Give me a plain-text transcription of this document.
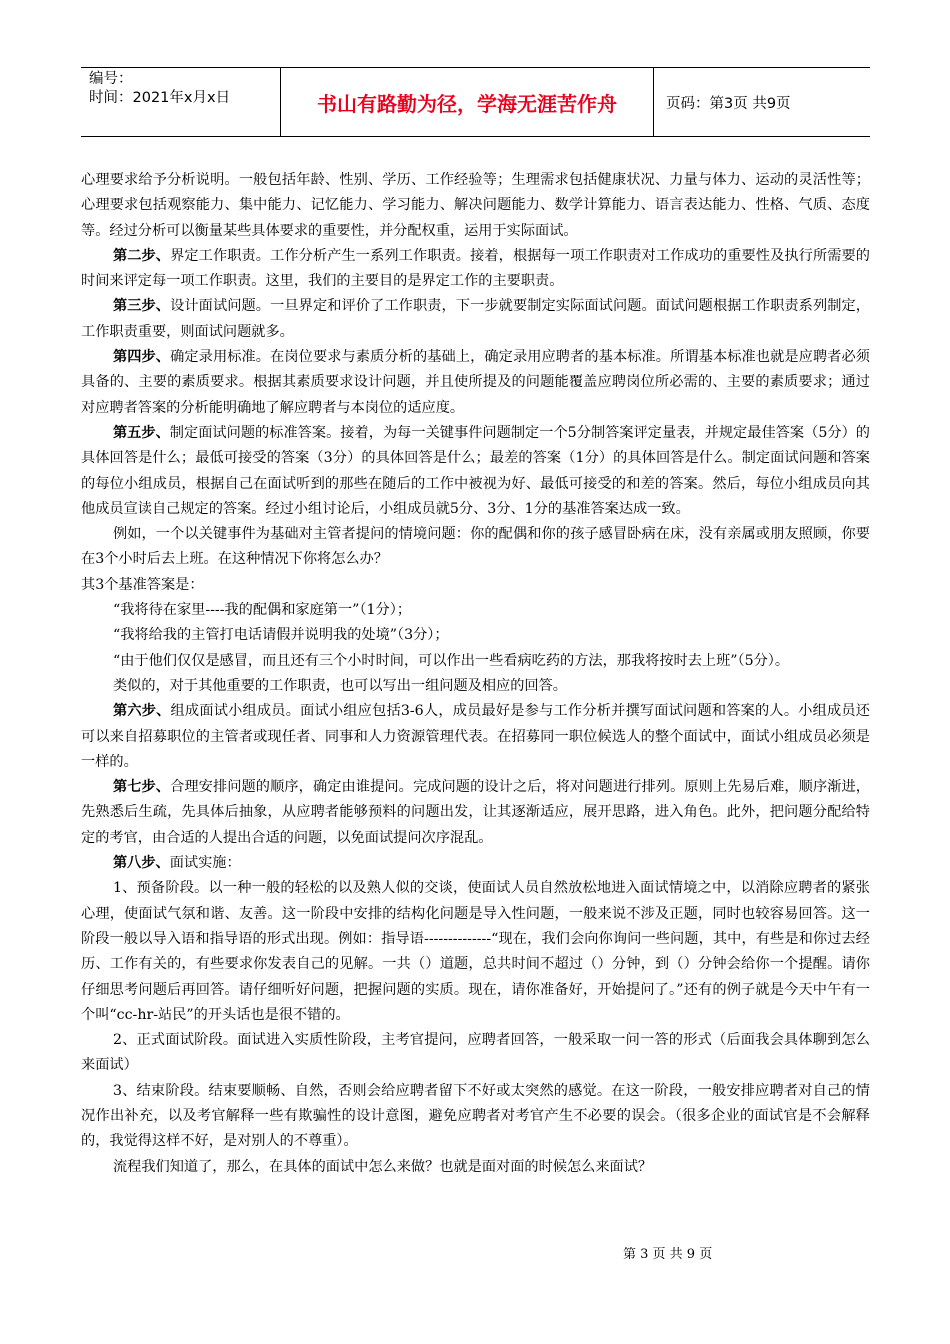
编号：
时间：2021年x月x日	书山有路勤为径，学海无涯苦作舟	页码：第3页 共9页

心理要求给予分析说明。一般包括年龄、性别、学历、工作经验等；生理需求包括健康状况、力量与体力、运动的灵活性等；心理要求包括观察能力、集中能力、记忆能力、学习能力、解决问题能力、数学计算能力、语言表达能力、性格、气质、态度等。经过分析可以衡量某些具体要求的重要性，并分配权重，运用于实际面试。

第二步、界定工作职责。工作分析产生一系列工作职责。接着，根据每一项工作职责对工作成功的重要性及执行所需要的时间来评定每一项工作职责。这里，我们的主要目的是界定工作的主要职责。

第三步、设计面试问题。一旦界定和评价了工作职责，下一步就要制定实际面试问题。面试问题根据工作职责系列制定，工作职责重要，则面试问题就多。

第四步、确定录用标准。在岗位要求与素质分析的基础上，确定录用应聘者的基本标准。所谓基本标准也就是应聘者必须具备的、主要的素质要求。根据其素质要求设计问题，并且使所提及的问题能覆盖应聘岗位所必需的、主要的素质要求；通过对应聘者答案的分析能明确地了解应聘者与本岗位的适应度。

第五步、制定面试问题的标准答案。接着，为每一关键事件问题制定一个5分制答案评定量表，并规定最佳答案（5分）的具体回答是什么；最低可接受的答案（3分）的具体回答是什么；最差的答案（1分）的具体回答是什么。制定面试问题和答案的每位小组成员，根据自己在面试听到的那些在随后的工作中被视为好、最低可接受的和差的答案。然后，每位小组成员向其他成员宣读自己规定的答案。经过小组讨论后，小组成员就5分、3分、1分的基准答案达成一致。

例如，一个以关键事件为基础对主管者提问的情境问题：你的配偶和你的孩子感冒卧病在床，没有亲属或朋友照顾，你要在3个小时后去上班。在这种情况下你将怎么办？

其3个基准答案是：

“我将待在家里----我的配偶和家庭第一”（1分）；

“我将给我的主管打电话请假并说明我的处境”（3分）；

“由于他们仅仅是感冒，而且还有三个小时时间，可以作出一些看病吃药的方法，那我将按时去上班”（5分）。

类似的，对于其他重要的工作职责，也可以写出一组问题及相应的回答。

第六步、组成面试小组成员。面试小组应包括3-6人，成员最好是参与工作分析并撰写面试问题和答案的人。小组成员还可以来自招募职位的主管者或现任者、同事和人力资源管理代表。在招募同一职位候选人的整个面试中，面试小组成员必须是一样的。

第七步、合理安排问题的顺序，确定由谁提问。完成问题的设计之后，将对问题进行排列。原则上先易后难，顺序渐进，先熟悉后生疏，先具体后抽象，从应聘者能够预料的问题出发，让其逐渐适应，展开思路，进入角色。此外，把问题分配给特定的考官，由合适的人提出合适的问题，以免面试提问次序混乱。

第八步、面试实施：

1、预备阶段。以一种一般的轻松的以及熟人似的交谈，使面试人员自然放松地进入面试情境之中，以消除应聘者的紧张心理，使面试气氛和谐、友善。这一阶段中安排的结构化问题是导入性问题，一般来说不涉及正题，同时也较容易回答。这一阶段一般以导入语和指导语的形式出现。例如：指导语--------------“现在，我们会向你询问一些问题，其中，有些是和你过去经历、工作有关的，有些要求你发表自己的见解。一共（）道题，总共时间不超过（）分钟，到（）分钟会给你一个提醒。请你仔细思考问题后再回答。请仔细听好问题，把握问题的实质。现在，请你准备好，开始提问了。”还有的例子就是今天中午有一个叫“cc-hr-站民”的开头话也是很不错的。

2、正式面试阶段。面试进入实质性阶段，主考官提问，应聘者回答，一般采取一问一答的形式（后面我会具体聊到怎么来面试）

3、结束阶段。结束要顺畅、自然，否则会给应聘者留下不好或太突然的感觉。在这一阶段，一般安排应聘者对自己的情况作出补充，以及考官解释一些有欺骗性的设计意图，避免应聘者对考官产生不必要的误会。（很多企业的面试官是不会解释的，我觉得这样不好，是对别人的不尊重）。

流程我们知道了，那么，在具体的面试中怎么来做？也就是面对面的时候怎么来面试？

第 3 页 共 9 页
